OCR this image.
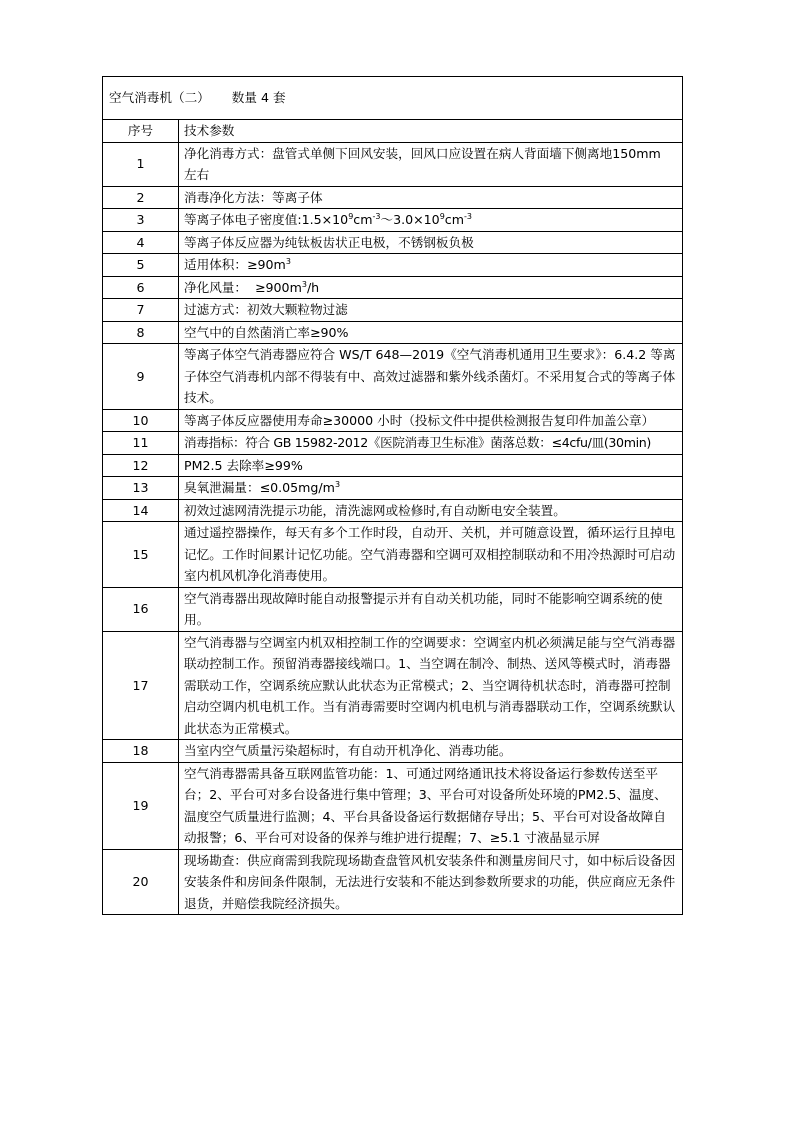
空气消毒机（二） 数量 4 套	
序号	技术参数
1	净化消毒方式：盘管式单侧下回风安装，回风口应设置在病人背面墙下侧离地150mm 左右
2	消毒净化方法：等离子体
3	等离子体电子密度值$:1.5\times 10^9cm^{-3}\sim 3.0\times 10^9cm^{-3}$
4	等离子体反应器为纯钛板齿状正电极，不锈钢板负极
5	适用体积：$\ge 90m^3$
6	净化风量：  $\ge 900m^3/h$
7	过滤方式：初效大颗粒物过滤
8	空气中的自然菌消亡率≥90%
9	等离子体空气消毒器应符合 WS/T 648—2019《空气消毒机通用卫生要求》：6.4.2 等离子体空气消毒机内部不得装有中、高效过滤器和紫外线杀菌灯。不采用复合式的等离子体技术。
10	等离子体反应器使用寿命≥30000 小时（投标文件中提供检测报告复印件加盖公章）
11	消毒指标：符合 GB 15982-2012《医院消毒卫生标准》菌落总数：≤4cfu/皿(30min)
12	PM2.5 去除率≥99%
13	臭氧泄漏量：$\le 0.05mg/m^3$
14	初效过滤网清洗提示功能，清洗滤网或检修时,有自动断电安全装置。
15	通过遥控器操作，每天有多个工作时段，自动开、关机，并可随意设置，循环运行且掉电记忆。工作时间累计记忆功能。空气消毒器和空调可双相控制联动和不用冷热源时可启动室内机风机净化消毒使用。
16	空气消毒器出现故障时能自动报警提示并有自动关机功能，同时不能影响空调系统的使用。
17	空气消毒器与空调室内机双相控制工作的空调要求：空调室内机必须满足能与空气消毒器联动控制工作。预留消毒器接线端口。1、当空调在制冷、制热、送风等模式时，消毒器需联动工作，空调系统应默认此状态为正常模式；2、当空调待机状态时，消毒器可控制启动空调内机电机工作。当有消毒需要时空调内机电机与消毒器联动工作，空调系统默认此状态为正常模式。
18	当室内空气质量污染超标时，有自动开机净化、消毒功能。
19	空气消毒器需具备互联网监管功能：1、可通过网络通讯技术将设备运行参数传送至平台；2、平台可对多台设备进行集中管理；3、平台可对设备所处环境的PM2.5、温度、温度空气质量进行监测；4、平台具备设备运行数据储存导出；5、平台可对设备故障自动报警；6、平台可对设备的保养与维护进行提醒；7、≥5.1 寸液晶显示屏
20	现场勘查：供应商需到我院现场勘查盘管风机安装条件和测量房间尺寸，如中标后设备因安装条件和房间条件限制，无法进行安装和不能达到参数所要求的功能，供应商应无条件退货，并赔偿我院经济损失。
